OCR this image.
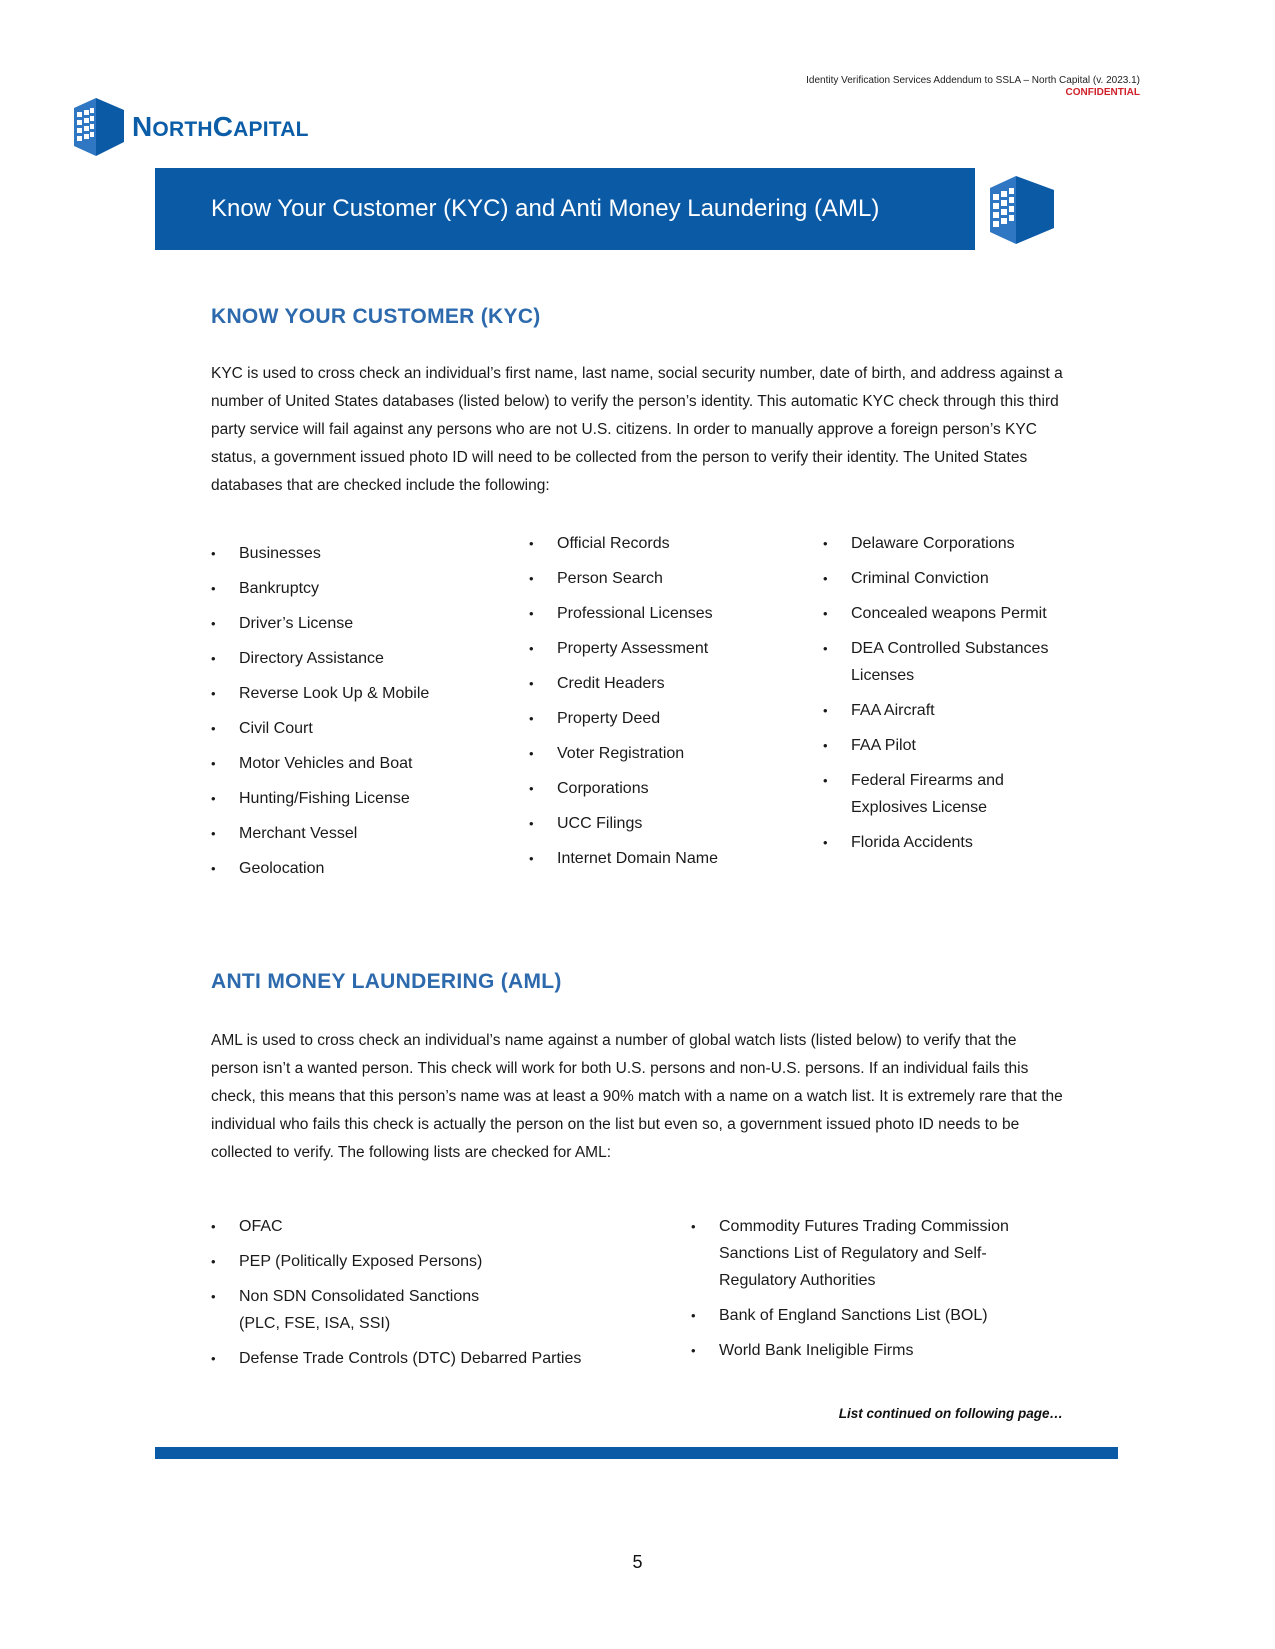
Identity Verification Services Addendum to SSLA – North Capital (v. 2023.1)
CONFIDENTIAL
NORTHCAPITAL
Know Your Customer (KYC) and Anti Money Laundering (AML)
KNOW YOUR CUSTOMER (KYC)
KYC is used to cross check an individual’s first name, last name, social security number, date of birth, and address against a number of United States databases (listed below) to verify the person’s identity. This automatic KYC check through this third party service will fail against any persons who are not U.S. citizens. In order to manually approve a foreign person’s KYC status, a government issued photo ID will need to be collected from the person to verify their identity. The United States databases that are checked include the following:
• Businesses
• Bankruptcy
• Driver’s License
• Directory Assistance
• Reverse Look Up & Mobile
• Civil Court
• Motor Vehicles and Boat
• Hunting/Fishing License
• Merchant Vessel
• Geolocation
• Official Records
• Person Search
• Professional Licenses
• Property Assessment
• Credit Headers
• Property Deed
• Voter Registration
• Corporations
• UCC Filings
• Internet Domain Name
• Delaware Corporations
• Criminal Conviction
• Concealed weapons Permit
• DEA Controlled Substances Licenses
• FAA Aircraft
• FAA Pilot
• Federal Firearms and Explosives License
• Florida Accidents
ANTI MONEY LAUNDERING (AML)
AML is used to cross check an individual’s name against a number of global watch lists (listed below) to verify that the person isn’t a wanted person. This check will work for both U.S. persons and non-U.S. persons. If an individual fails this check, this means that this person’s name was at least a 90% match with a name on a watch list. It is extremely rare that the individual who fails this check is actually the person on the list but even so, a government issued photo ID needs to be collected to verify. The following lists are checked for AML:
• OFAC
• PEP (Politically Exposed Persons)
• Non SDN Consolidated Sanctions (PLC, FSE, ISA, SSI)
• Defense Trade Controls (DTC) Debarred Parties
• Commodity Futures Trading Commission Sanctions List of Regulatory and Self-Regulatory Authorities
• Bank of England Sanctions List (BOL)
• World Bank Ineligible Firms
List continued on following page…
5
